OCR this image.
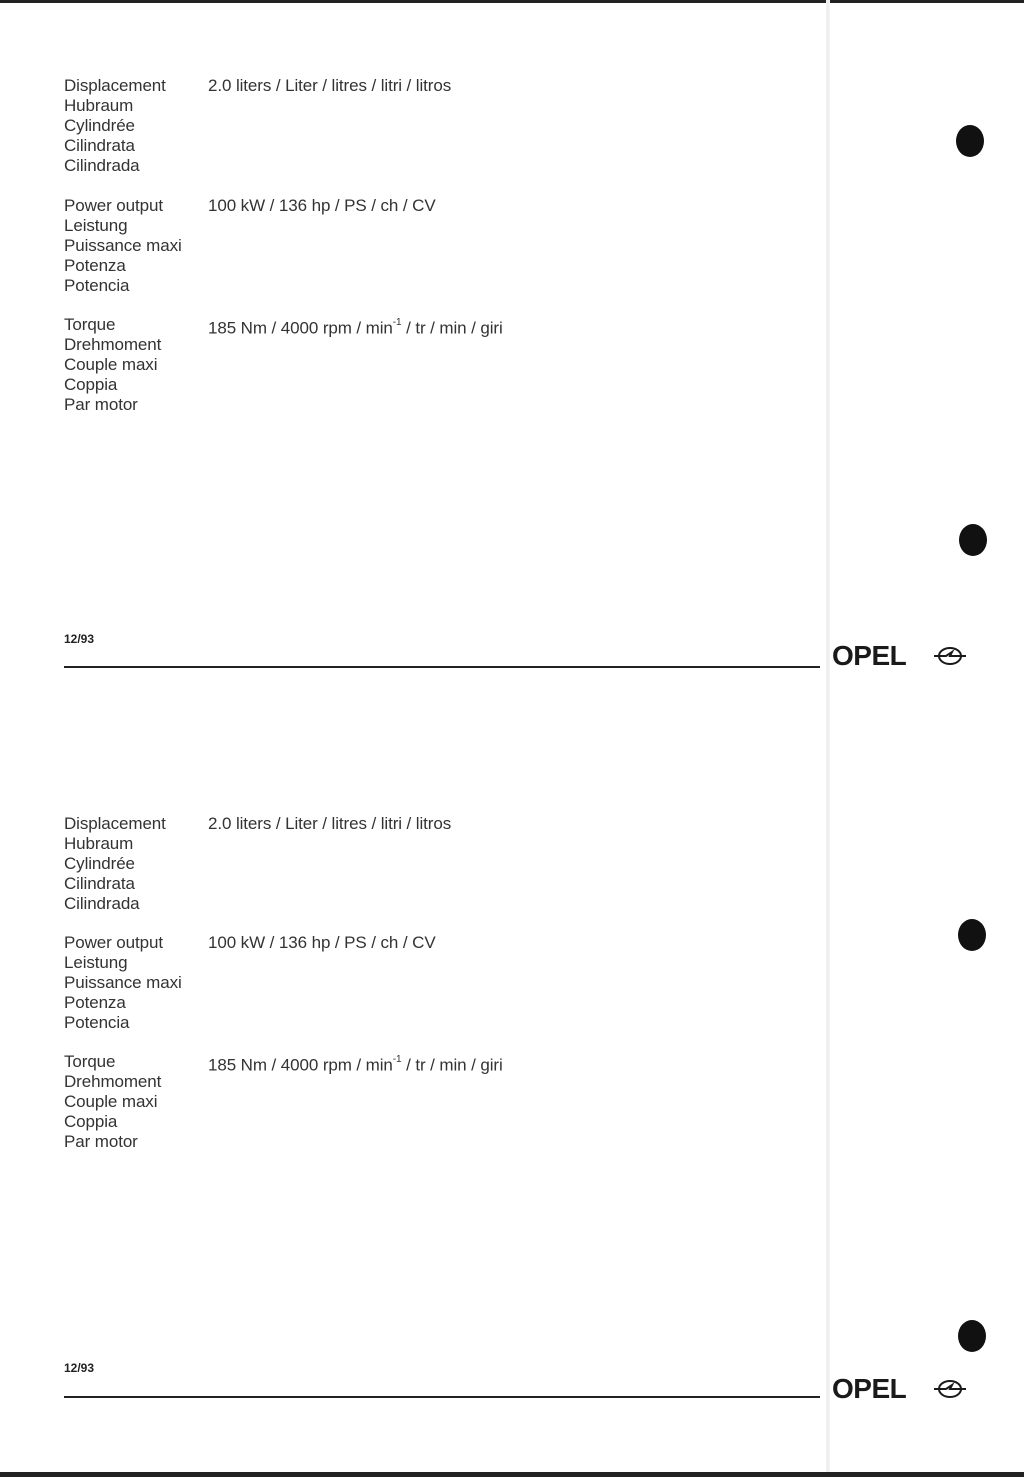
Displacement
Hubraum
Cylindrée
Cilindrata
Cilindrada
2.0 liters / Liter / litres / litri / litros
Power output
Leistung
Puissance maxi
Potenza
Potencia
100 kW / 136 hp / PS / ch / CV
Torque
Drehmoment
Couple maxi
Coppia
Par motor
185 Nm / 4000 rpm / $\min^{-1}$ / tr / min / giri
12/93
OPEL
Displacement
Hubraum
Cylindrée
Cilindrata
Cilindrada
2.0 liters / Liter / litres / litri / litros
Power output
Leistung
Puissance maxi
Potenza
Potencia
100 kW / 136 hp / PS / ch / CV
Torque
Drehmoment
Couple maxi
Coppia
Par motor
185 Nm / 4000 rpm / $\min^{-1}$ / tr / min / giri
12/93
OPEL
